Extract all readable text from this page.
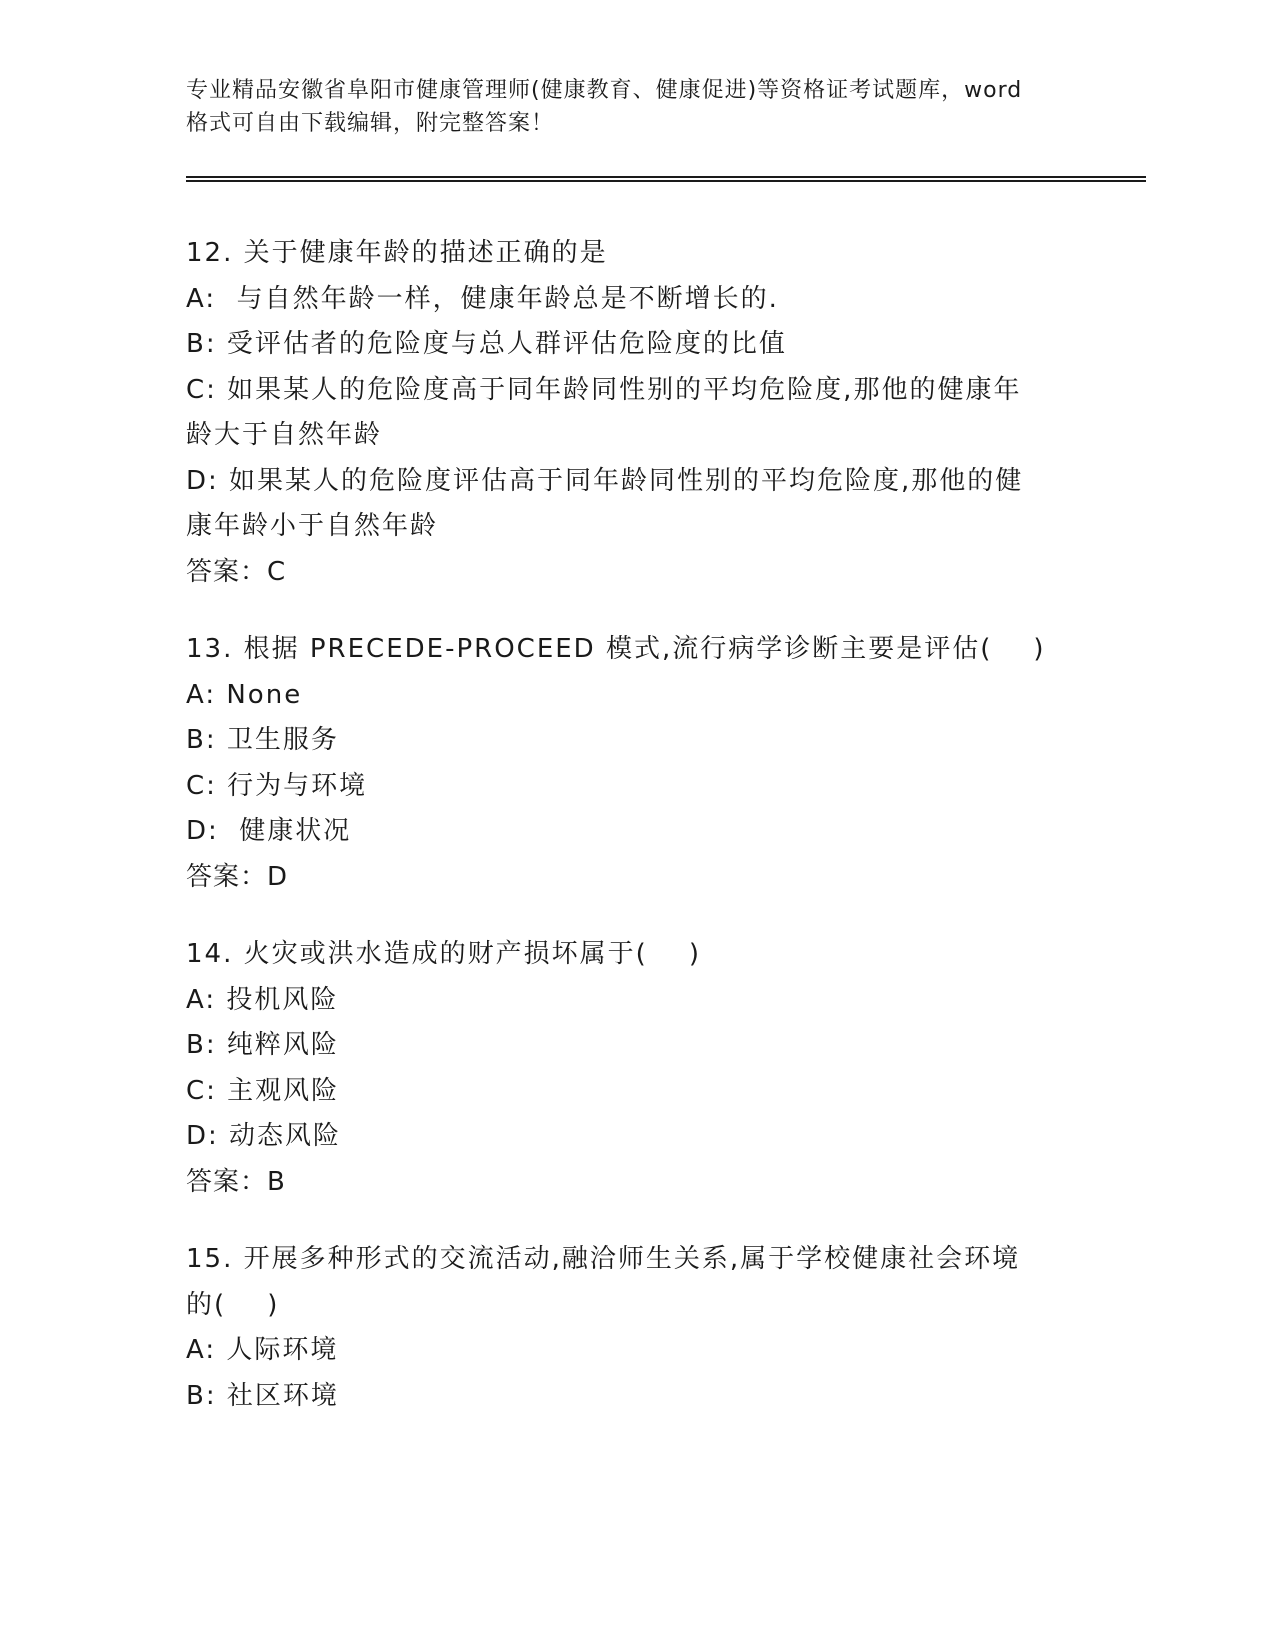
专业精品安徽省阜阳市健康管理师(健康教育、健康促进)等资格证考试题库，word
格式可自由下载编辑，附完整答案！
12. 关于健康年龄的描述正确的是
A:  与自然年龄一样，健康年龄总是不断增长的.
B: 受评估者的危险度与总人群评估危险度的比值
C: 如果某人的危险度高于同年龄同性别的平均危险度,那他的健康年
龄大于自然年龄
D: 如果某人的危险度评估高于同年龄同性别的平均危险度,那他的健
康年龄小于自然年龄
答案：C
13. 根据 PRECEDE-PROCEED 模式,流行病学诊断主要是评估(    )
A: None
B: 卫生服务
C: 行为与环境
D:  健康状况
答案：D
14. 火灾或洪水造成的财产损坏属于(    )
A: 投机风险
B: 纯粹风险
C: 主观风险
D: 动态风险
答案：B
15. 开展多种形式的交流活动,融洽师生关系,属于学校健康社会环境
的(    )
A: 人际环境
B: 社区环境
